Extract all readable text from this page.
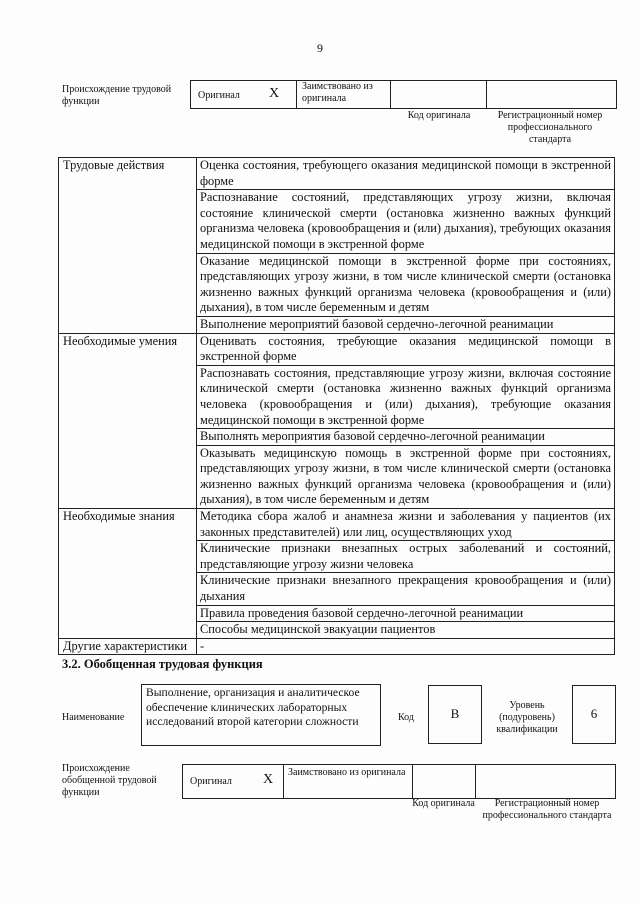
9
Происхождение трудовой функции
Оригинал X Заимствовано из оригинала
Код оригинала	Регистрационный номер профессионального стандарта
Трудовые действия	Оценка состояния, требующего оказания медицинской помощи в экстренной форме
	Распознавание состояний, представляющих угрозу жизни, включая состояние клинической смерти (остановка жизненно важных функций организма человека (кровообращения и (или) дыхания), требующих оказания медицинской помощи в экстренной форме
	Оказание медицинской помощи в экстренной форме при состояниях, представляющих угрозу жизни, в том числе клинической смерти (остановка жизненно важных функций организма человека (кровообращения и (или) дыхания), в том числе беременным и детям
	Выполнение мероприятий базовой сердечно-легочной реанимации
Необходимые умения	Оценивать состояния, требующие оказания медицинской помощи в экстренной форме
	Распознавать состояния, представляющие угрозу жизни, включая состояние клинической смерти (остановка жизненно важных функций организма человека (кровообращения и (или) дыхания), требующие оказания медицинской помощи в экстренной форме
	Выполнять мероприятия базовой сердечно-легочной реанимации
	Оказывать медицинскую помощь в экстренной форме при состояниях, представляющих угрозу жизни, в том числе клинической смерти (остановка жизненно важных функций организма человека (кровообращения и (или) дыхания), в том числе беременным и детям
Необходимые знания	Методика сбора жалоб и анамнеза жизни и заболевания у пациентов (их законных представителей) или лиц, осуществляющих уход
	Клинические признаки внезапных острых заболеваний и состояний, представляющие угрозу жизни человека
	Клинические признаки внезапного прекращения кровообращения и (или) дыхания
	Правила проведения базовой сердечно-легочной реанимации
	Способы медицинской эвакуации пациентов
Другие характеристики	-
3.2. Обобщенная трудовая функция
Наименование
Выполнение, организация и аналитическое обеспечение клинических лабораторных исследований второй категории сложности	Код	B
Уровень (подуровень) квалификации
6
Происхождение обобщенной трудовой функции
Оригинал X Заимствовано из оригинала
Код оригинала	Регистрационный номер профессионального стандарта
